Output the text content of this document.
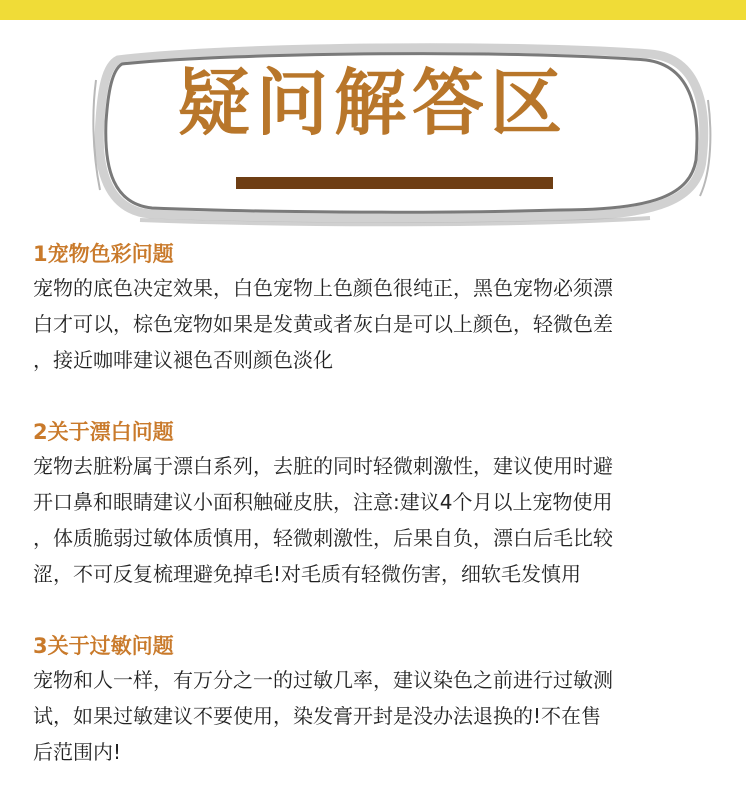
疑问解答区

1宠物色彩问题

宠物的底色决定效果，白色宠物上色颜色很纯正，黑色宠物必须漂
白才可以，棕色宠物如果是发黄或者灰白是可以上颜色，轻微色差
，接近咖啡建议褪色否则颜色淡化

2关于漂白问题

宠物去脏粉属于漂白系列，去脏的同时轻微刺激性，建议使用时避
开口鼻和眼睛建议小面积触碰皮肤，注意:建议4个月以上宠物使用
，体质脆弱过敏体质慎用，轻微刺激性，后果自负，漂白后毛比较
涩，不可反复梳理避免掉毛!对毛质有轻微伤害，细软毛发慎用

3关于过敏问题

宠物和人一样，有万分之一的过敏几率，建议染色之前进行过敏测
试，如果过敏建议不要使用，染发膏开封是没办法退换的!不在售
后范围内!
